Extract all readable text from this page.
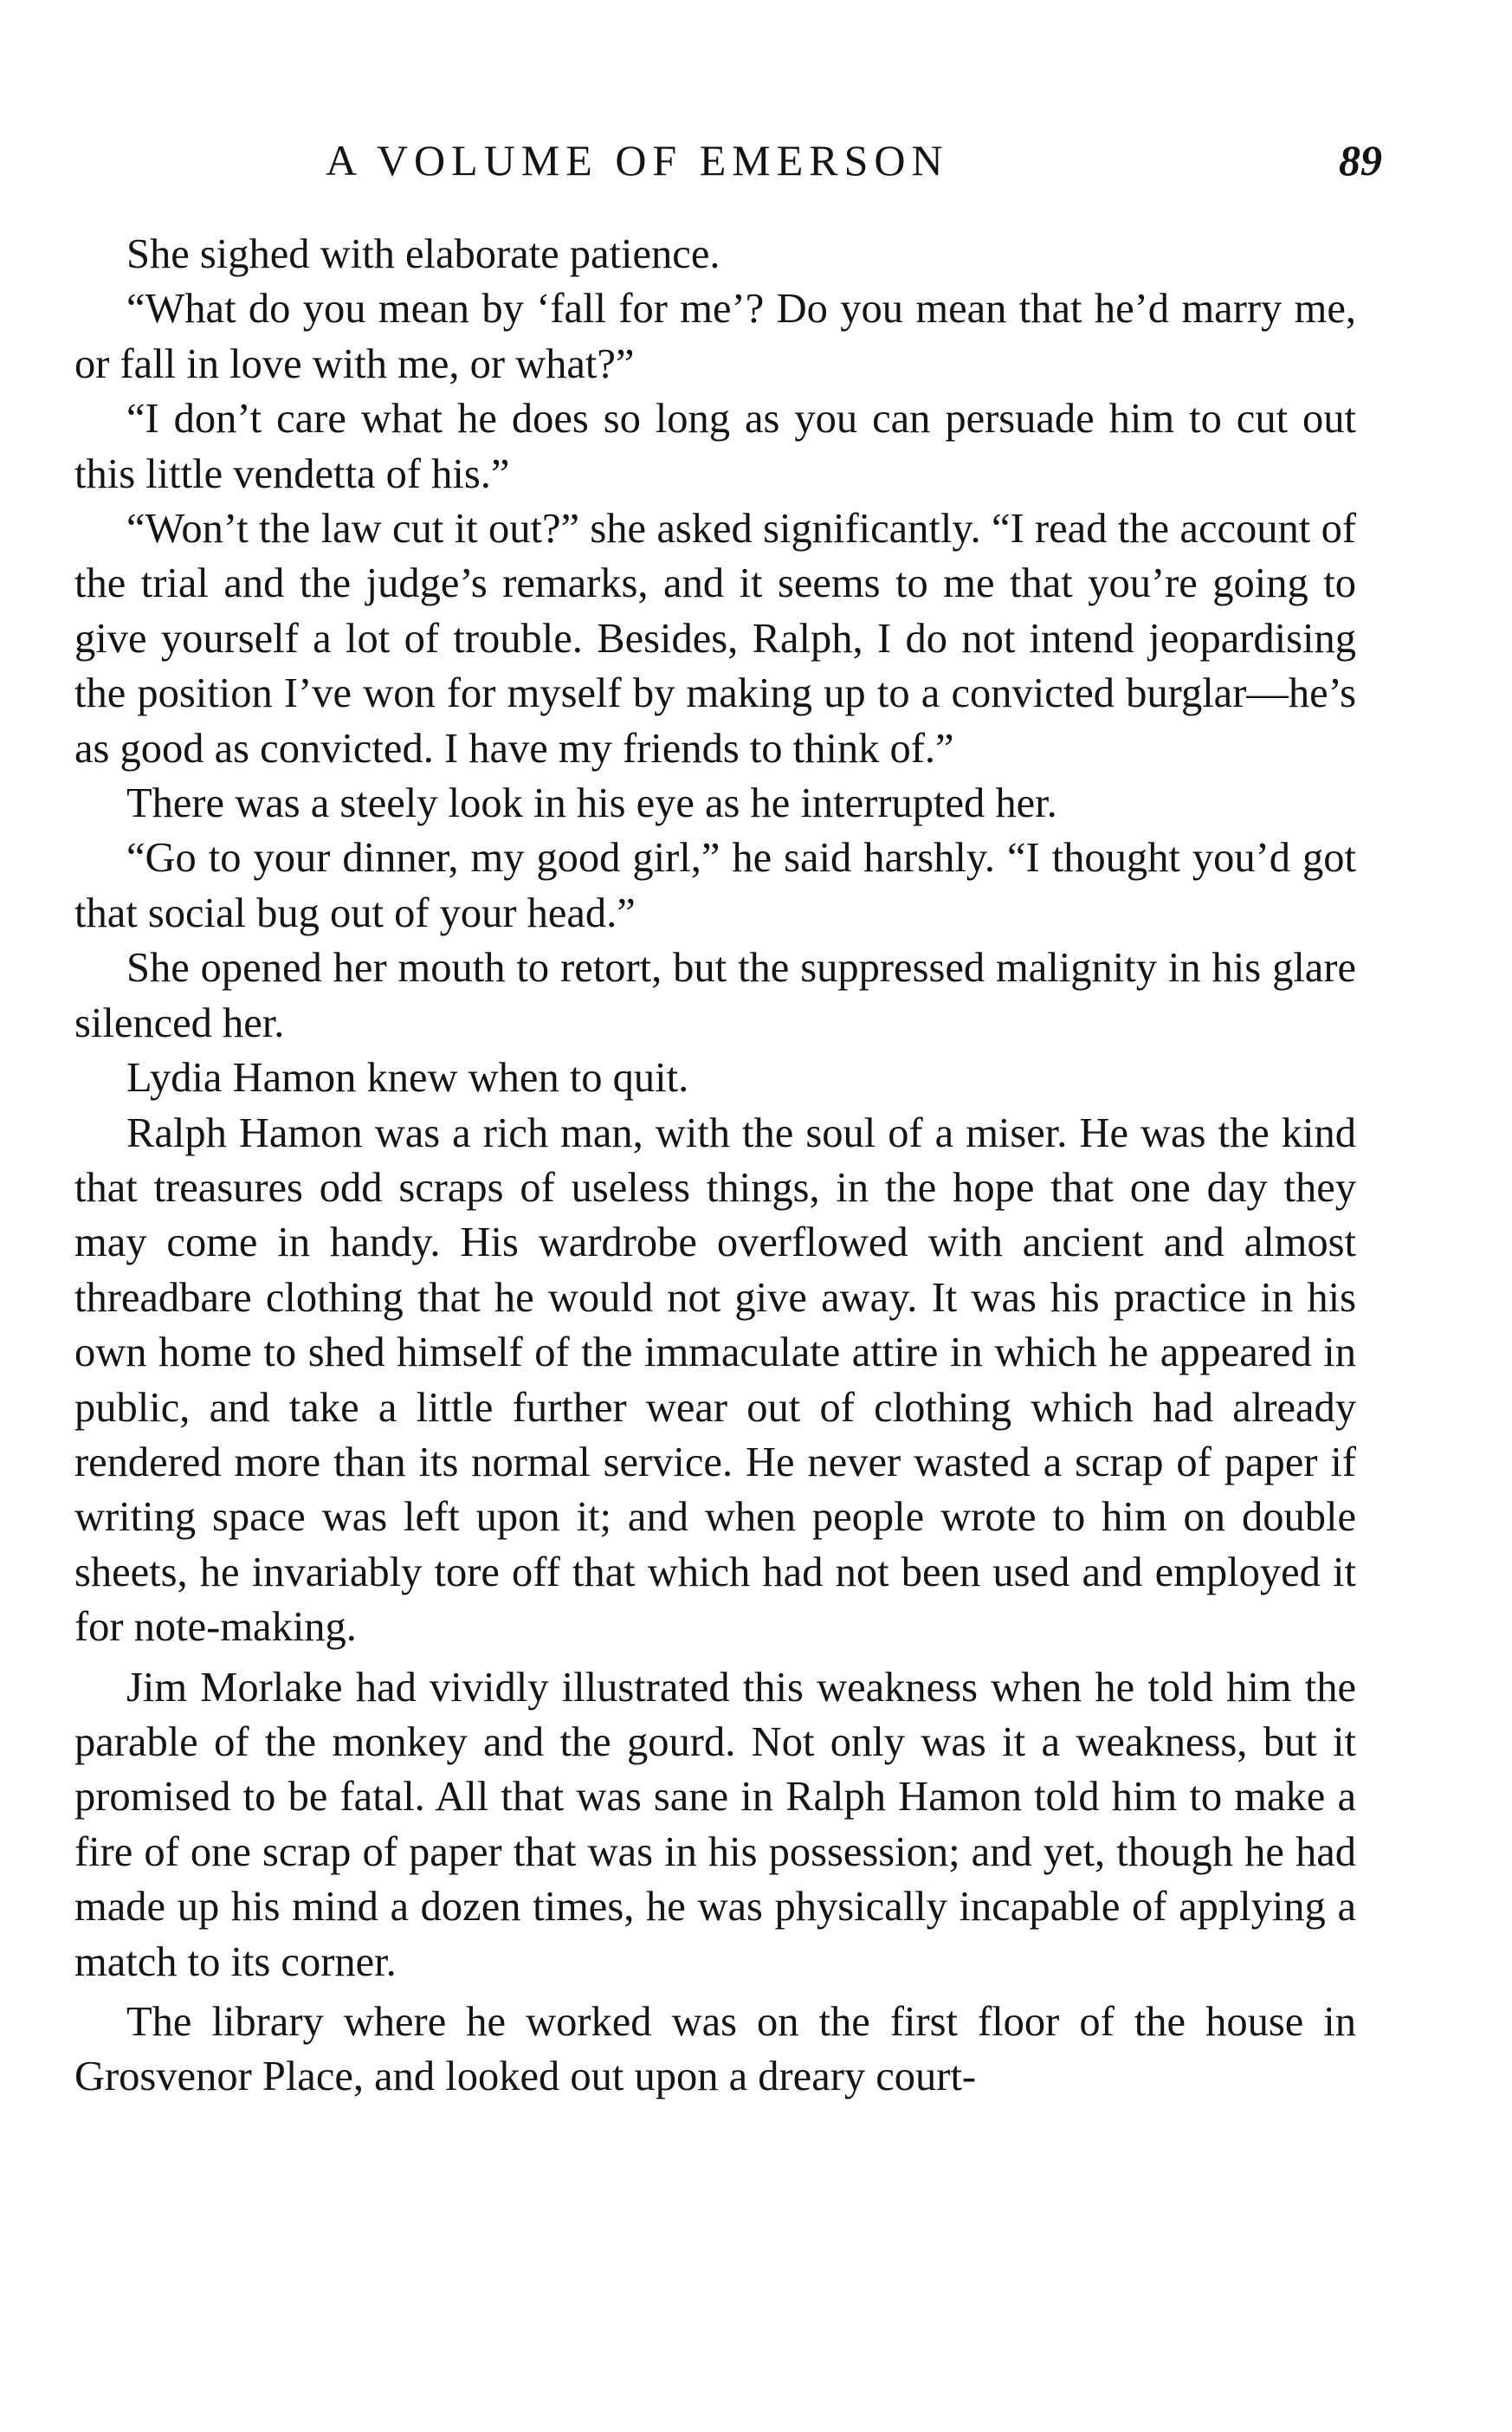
A VOLUME OF EMERSON	89

She sighed with elaborate patience.

“What do you mean by ‘fall for me’? Do you mean that he’d marry me, or fall in love with me, or what?”

“I don’t care what he does so long as you can persuade him to cut out this little vendetta of his.”

“Won’t the law cut it out?” she asked significantly. “I read the account of the trial and the judge’s remarks, and it seems to me that you’re going to give yourself a lot of trouble. Besides, Ralph, I do not intend jeopardising the position I’ve won for myself by making up to a convicted burglar—he’s as good as convicted. I have my friends to think of.”

There was a steely look in his eye as he interrupted her.

“Go to your dinner, my good girl,” he said harshly. “I thought you’d got that social bug out of your head.”

She opened her mouth to retort, but the suppressed malignity in his glare silenced her.

Lydia Hamon knew when to quit.

Ralph Hamon was a rich man, with the soul of a miser. He was the kind that treasures odd scraps of useless things, in the hope that one day they may come in handy. His wardrobe overflowed with ancient and almost threadbare clothing that he would not give away. It was his practice in his own home to shed himself of the immaculate attire in which he appeared in public, and take a little further wear out of clothing which had already rendered more than its normal service. He never wasted a scrap of paper if writing space was left upon it; and when people wrote to him on double sheets, he invariably tore off that which had not been used and employed it for note-making.

Jim Morlake had vividly illustrated this weakness when he told him the parable of the monkey and the gourd. Not only was it a weakness, but it promised to be fatal. All that was sane in Ralph Hamon told him to make a fire of one scrap of paper that was in his possession; and yet, though he had made up his mind a dozen times, he was physically incapable of applying a match to its corner.

The library where he worked was on the first floor of the house in Grosvenor Place, and looked out upon a dreary court-
